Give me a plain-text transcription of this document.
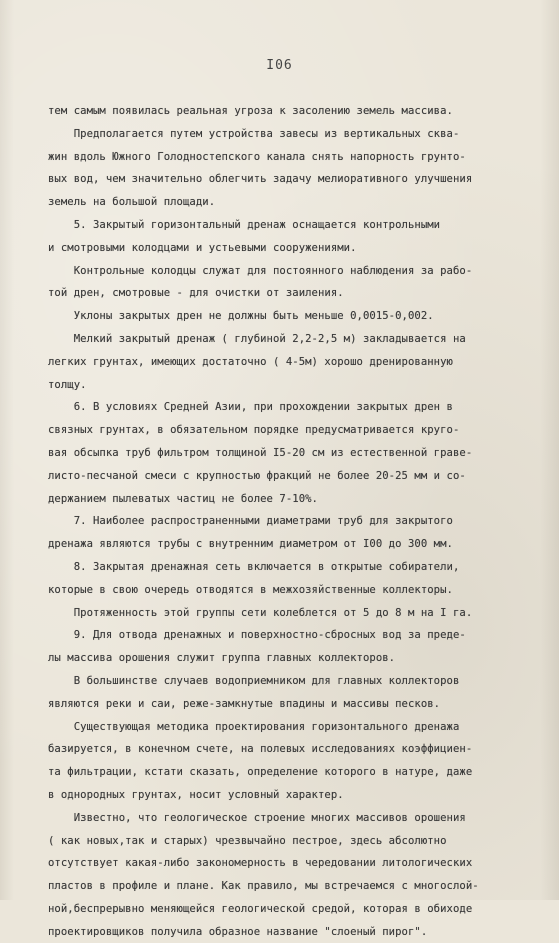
I06
тем самым появилась реальная угроза к засолению земель массива.
Предполагается путем устройства завесы из вертикальных сква-
жин вдоль Южного Голодностепского канала снять напорность грунто-
вых вод, чем значительно облегчить задачу мелиоративного улучшения
земель на большой площади.
5. Закрытый горизонтальный дренаж оснащается контрольными
и смотровыми колодцами и устьевыми сооружениями.
Контрольные колодцы служат для постоянного наблюдения за рабо-
той дрен, смотровые - для очистки от заиления.
Уклоны закрытых дрен не должны быть меньше 0,0015-0,002.
Мелкий закрытый дренаж ( глубиной 2,2-2,5 м) закладывается на
легких грунтах, имеющих достаточно ( 4-5м) хорошо дренированную
толщу.
6. В условиях Средней Азии, при прохождении закрытых дрен в
связных грунтах, в обязательном порядке предусматривается круго-
вая обсыпка труб фильтром толщиной I5-20 см из естественной граве-
листо-песчаной смеси с крупностью фракций не более 20-25 мм и со-
держанием пылеватых частиц не более 7-10%.
7. Наиболее распространенными диаметрами труб для закрытого
дренажа являются трубы с внутренним диаметром от I00 до 300 мм.
8. Закрытая дренажная сеть включается в открытые собиратели,
которые в свою очередь отводятся в межхозяйственные коллекторы.
Протяженность этой группы сети колеблется от 5 до 8 м на I га.
9. Для отвода дренажных и поверхностно-сбросных вод за преде-
лы массива орошения служит группа главных коллекторов.
В большинстве случаев водоприемником для главных коллекторов
являются реки и саи, реже-замкнутые впадины и массивы песков.
Существующая методика проектирования горизонтального дренажа
базируется, в конечном счете, на полевых исследованиях коэффициен-
та фильтрации, кстати сказать, определение которого в натуре, даже
в однородных грунтах, носит условный характер.
Известно, что геологическое строение многих массивов орошения
( как новых,так и старых) чрезвычайно пестрое, здесь абсолютно
отсутствует какая-либо закономерность в чередовании литологических
пластов в профиле и плане. Как правило, мы встречаемся с многослой-
ной,беспрерывно меняющейся геологической средой, которая в обиходе
проектировщиков получила образное название "слоеный пирог".
